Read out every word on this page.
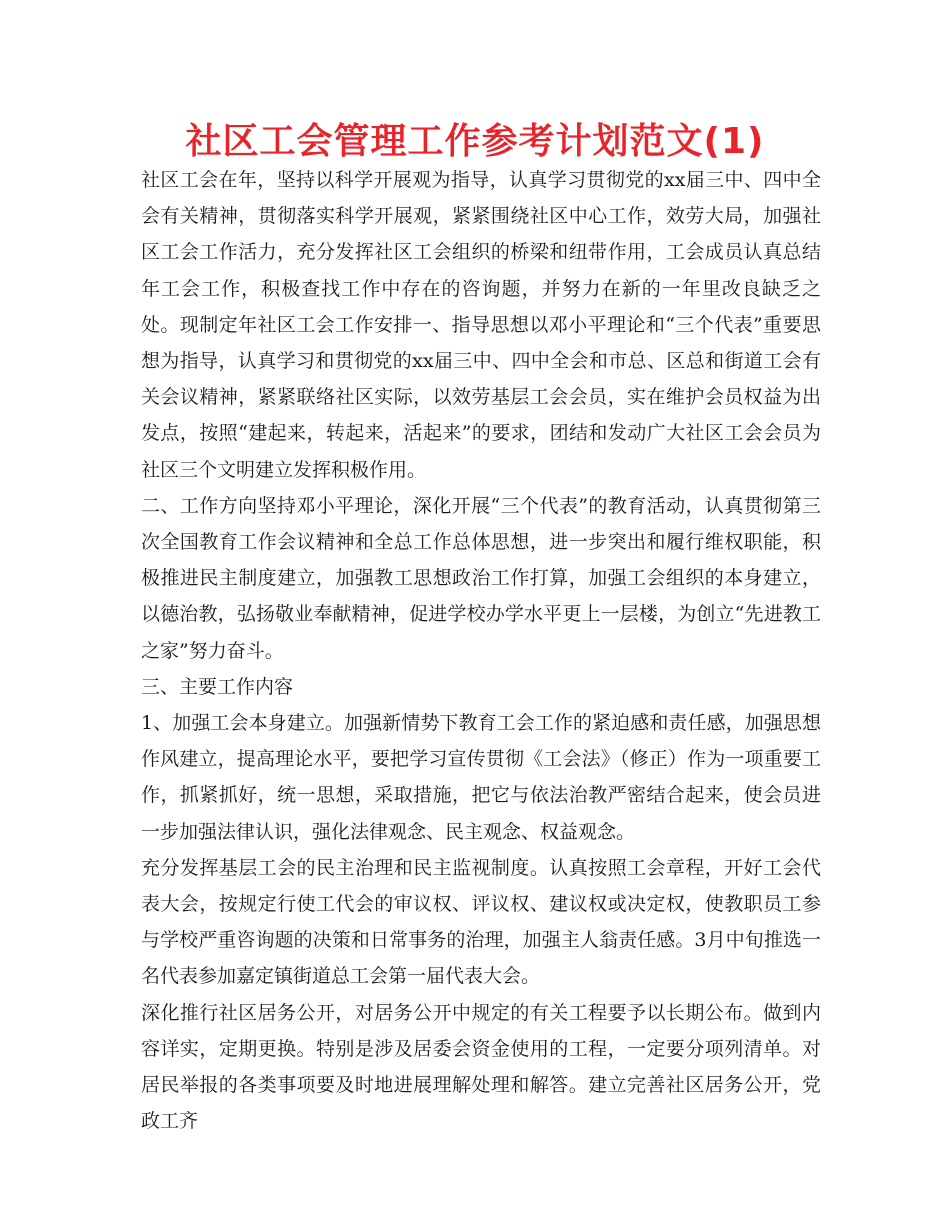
社区工会管理工作参考计划范文(1)

社区工会在年，坚持以科学开展观为指导，认真学习贯彻党的xx届三中、四中全会有关精神，贯彻落实科学开展观，紧紧围绕社区中心工作，效劳大局，加强社区工会工作活力，充分发挥社区工会组织的桥梁和纽带作用，工会成员认真总结年工会工作，积极查找工作中存在的咨询题，并努力在新的一年里改良缺乏之处。现制定年社区工会工作安排一、指导思想以邓小平理论和“三个代表”重要思想为指导，认真学习和贯彻党的xx届三中、四中全会和市总、区总和街道工会有关会议精神，紧紧联络社区实际，以效劳基层工会会员，实在维护会员权益为出发点，按照“建起来，转起来，活起来”的要求，团结和发动广大社区工会会员为社区三个文明建立发挥积极作用。

二、工作方向坚持邓小平理论，深化开展“三个代表”的教育活动，认真贯彻第三次全国教育工作会议精神和全总工作总体思想，进一步突出和履行维权职能，积极推进民主制度建立，加强教工思想政治工作打算，加强工会组织的本身建立，以德治教，弘扬敬业奉献精神，促进学校办学水平更上一层楼，为创立“先进教工之家”努力奋斗。

三、主要工作内容

1、加强工会本身建立。加强新情势下教育工会工作的紧迫感和责任感，加强思想作风建立，提高理论水平，要把学习宣传贯彻《工会法》（修正）作为一项重要工作，抓紧抓好，统一思想，采取措施，把它与依法治教严密结合起来，使会员进一步加强法律认识，强化法律观念、民主观念、权益观念。

充分发挥基层工会的民主治理和民主监视制度。认真按照工会章程，开好工会代表大会，按规定行使工代会的审议权、评议权、建议权或决定权，使教职员工参与学校严重咨询题的决策和日常事务的治理，加强主人翁责任感。3月中旬推选一名代表参加嘉定镇街道总工会第一届代表大会。

深化推行社区居务公开，对居务公开中规定的有关工程要予以长期公布。做到内容详实，定期更换。特别是涉及居委会资金使用的工程，一定要分项列清单。对居民举报的各类事项要及时地进展理解处理和解答。建立完善社区居务公开，党政工齐
